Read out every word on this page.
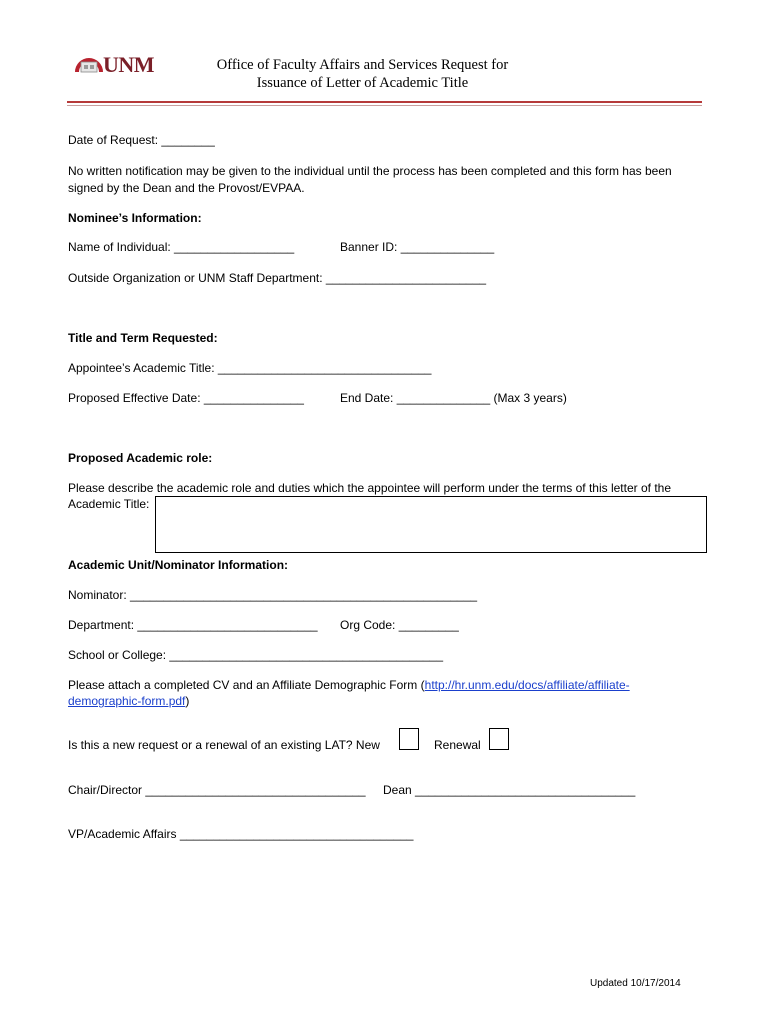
UNM	Office of Faculty Affairs and Services Request for
Issuance of Letter of Academic Title
Date of Request: ________
No written notification may be given to the individual until the process has been completed and this form has been signed by the Dean and the Provost/EVPAA.
Nominee’s Information:
Name of Individual: __________________	Banner ID: ______________
Outside Organization or UNM Staff Department: ________________________
Title and Term Requested:
Appointee’s Academic Title: ________________________________
Proposed Effective Date: _______________	End Date: ______________ (Max 3 years)
Proposed Academic role:
Please describe the academic role and duties which the appointee will perform under the terms of this letter of the
Academic Title:
Academic Unit/Nominator Information:
Nominator: ____________________________________________________
Department: ___________________________ Org Code: _________
School or College: _________________________________________
Please attach a completed CV and an Affiliate Demographic Form (http://hr.unm.edu/docs/affiliate/affiliate-
demographic-form.pdf)
Is this a new request or a renewal of an existing LAT? New	Renewal
Chair/Director _________________________________ Dean _________________________________
VP/Academic Affairs ___________________________________
Updated 10/17/2014
